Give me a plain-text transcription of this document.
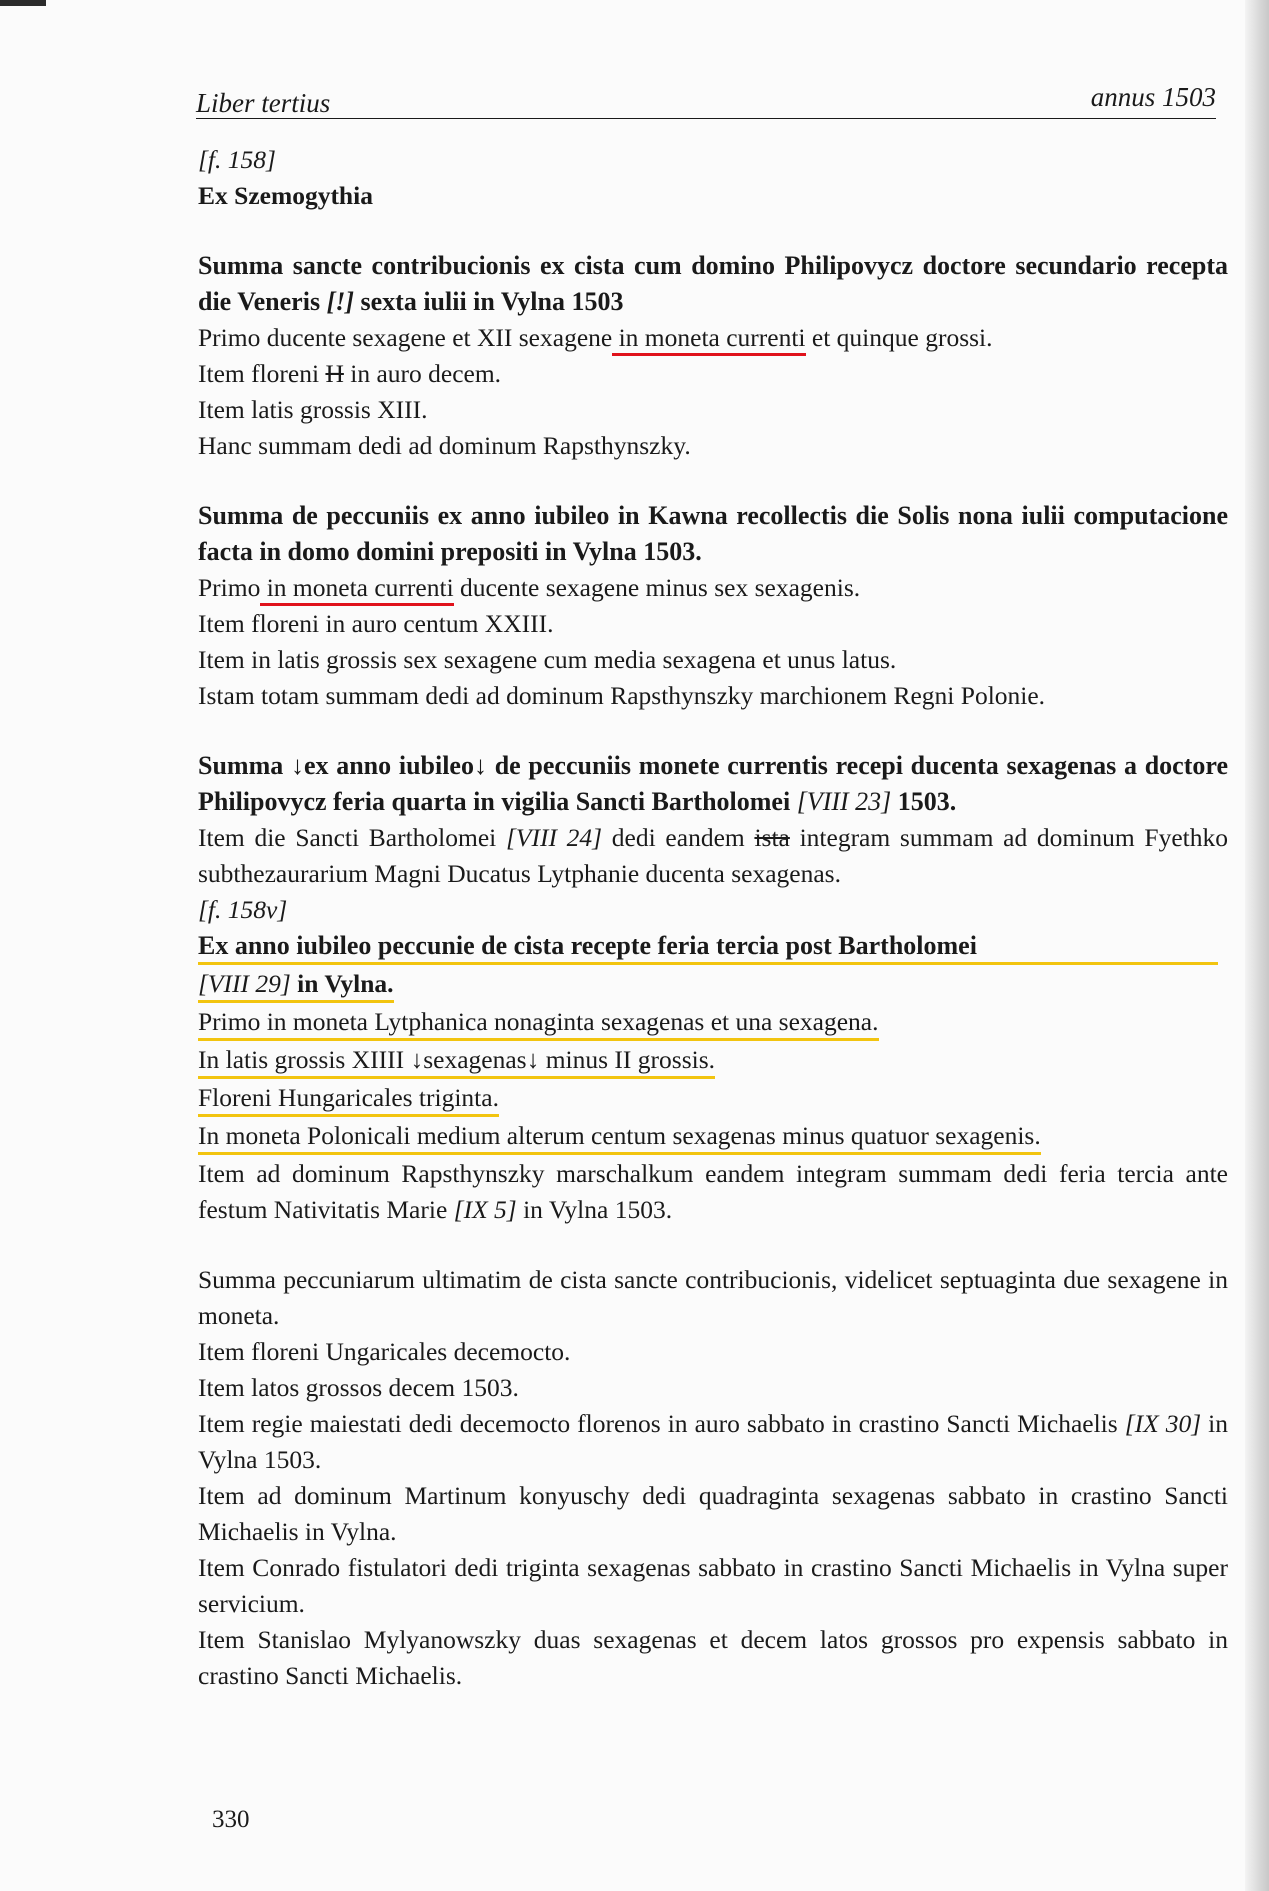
Liber tertius	annus 1503

[f. 158]

Ex Szemogythia

Summa sancte contribucionis ex cista cum domino Philipovycz doctore secundario recepta die Veneris [!] sexta iulii in Vylna 1503

Primo ducente sexagene et XII sexagene in moneta currenti et quinque grossi.

Item floreni H in auro decem.

Item latis grossis XIII.

Hanc summam dedi ad dominum Rapsthynszky.

Summa de peccuniis ex anno iubileo in Kawna recollectis die Solis nona iulii computacione facta in domo domini prepositi in Vylna 1503.

Primo in moneta currenti ducente sexagene minus sex sexagenis.

Item floreni in auro centum XXIII.

Item in latis grossis sex sexagene cum media sexagena et unus latus.

Istam totam summam dedi ad dominum Rapsthynszky marchionem Regni Polonie.

Summa ↓ex anno iubileo↓ de peccuniis monete currentis recepi ducenta sexagenas a doctore Philipovycz feria quarta in vigilia Sancti Bartholomei [VIII 23] 1503.

Item die Sancti Bartholomei [VIII 24] dedi eandem ista integram summam ad dominum Fyethko subthezaurarium Magni Ducatus Lytphanie ducenta sexagenas.

[f. 158v]

Ex anno iubileo peccunie de cista recepte feria tercia post Bartholomei
[VIII 29] in Vylna.
Primo in moneta Lytphanica nonaginta sexagenas et una sexagena.
In latis grossis XIIII ↓sexagenas↓ minus II grossis.
Floreni Hungaricales triginta.
In moneta Polonicali medium alterum centum sexagenas minus quatuor sexagenis.

Item ad dominum Rapsthynszky marschalkum eandem integram summam dedi feria tercia ante festum Nativitatis Marie [IX 5] in Vylna 1503.

Summa peccuniarum ultimatim de cista sancte contribucionis, videlicet septuaginta due sexagene in moneta.

Item floreni Ungaricales decemocto.

Item latos grossos decem 1503.

Item regie maiestati dedi decemocto florenos in auro sabbato in crastino Sancti Michaelis [IX 30] in Vylna 1503.

Item ad dominum Martinum konyuschy dedi quadraginta sexagenas sabbato in crastino Sancti Michaelis in Vylna.

Item Conrado fistulatori dedi triginta sexagenas sabbato in crastino Sancti Michaelis in Vylna super servicium.

Item Stanislao Mylyanowszky duas sexagenas et decem latos grossos pro expensis sabbato in crastino Sancti Michaelis.

330
